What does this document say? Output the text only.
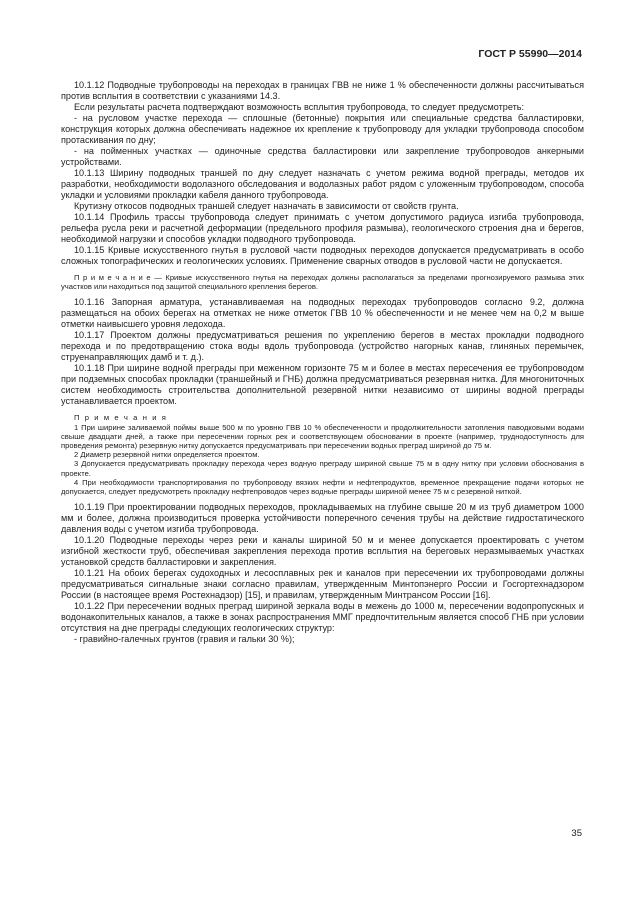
ГОСТ Р 55990—2014

10.1.12 Подводные трубопроводы на переходах в границах ГВВ не ниже 1 % обеспеченности должны рассчитываться против всплытия в соответствии с указаниями 14.3.

Если результаты расчета подтверждают возможность всплытия трубопровода, то следует предусмотреть:

- на русловом участке перехода — сплошные (бетонные) покрытия или специальные средства балластировки, конструкция которых должна обеспечивать надежное их крепление к трубопроводу для укладки трубопровода способом протаскивания по дну;

- на пойменных участках — одиночные средства балластировки или закрепление трубопроводов анкерными устройствами.

10.1.13 Ширину подводных траншей по дну следует назначать с учетом режима водной преграды, методов их разработки, необходимости водолазного обследования и водолазных работ рядом с уложенным трубопроводом, способа укладки и условиями прокладки кабеля данного трубопровода.

Крутизну откосов подводных траншей следует назначать в зависимости от свойств грунта.

10.1.14 Профиль трассы трубопровода следует принимать с учетом допустимого радиуса изгиба трубопровода, рельефа русла реки и расчетной деформации (предельного профиля размыва), геологического строения дна и берегов, необходимой нагрузки и способов укладки подводного трубопровода.

10.1.15 Кривые искусственного гнутья в русловой части подводных переходов допускается предусматривать в особо сложных топографических и геологических условиях. Применение сварных отводов в русловой части не допускается.

П р и м е ч а н и е — Кривые искусственного гнутья на переходах должны располагаться за пределами прогнозируемого размыва этих участков или находиться под защитой специального крепления берегов.

10.1.16 Запорная арматура, устанавливаемая на подводных переходах трубопроводов согласно 9.2, должна размещаться на обоих берегах на отметках не ниже отметок ГВВ 10 % обеспеченности и не менее чем на 0,2 м выше отметки наивысшего уровня ледохода.

10.1.17 Проектом должны предусматриваться решения по укреплению берегов в местах прокладки подводного перехода и по предотвращению стока воды вдоль трубопровода (устройство нагорных канав, глиняных перемычек, струенаправляющих дамб и т. д.).

10.1.18 При ширине водной преграды при меженном горизонте 75 м и более в местах пересечения ее трубопроводом при подземных способах прокладки (траншейный и ГНБ) должна предусматриваться резервная нитка. Для многониточных систем необходимость строительства дополнительной резервной нитки независимо от ширины водной преграды устанавливается проектом.

П р и м е ч а н и я

1 При ширине заливаемой поймы выше 500 м по уровню ГВВ 10 % обеспеченности и продолжительности затопления паводковыми водами свыше двадцати дней, а также при пересечении горных рек и соответствующем обосновании в проекте (например, труднодоступность для проведения ремонта) резервную нитку допускается предусматривать при пересечении водных преград шириной до 75 м.

2 Диаметр резервной нитки определяется проектом.

3 Допускается предусматривать прокладку перехода через водную преграду шириной свыше 75 м в одну нитку при условии обоснования в проекте.

4 При необходимости транспортирования по трубопроводу вязких нефти и нефтепродуктов, временное прекращение подачи которых не допускается, следует предусмотреть прокладку нефтепроводов через водные преграды шириной менее 75 м с резервной ниткой.

10.1.19 При проектировании подводных переходов, прокладываемых на глубине свыше 20 м из труб диаметром 1000 мм и более, должна производиться проверка устойчивости поперечного сечения трубы на действие гидростатического давления воды с учетом изгиба трубопровода.

10.1.20 Подводные переходы через реки и каналы шириной 50 м и менее допускается проектировать с учетом изгибной жесткости труб, обеспечивая закрепления перехода против всплытия на береговых неразмываемых участках установкой средств балластировки и закрепления.

10.1.21 На обоих берегах судоходных и лесосплавных рек и каналов при пересечении их трубопроводами должны предусматриваться сигнальные знаки согласно правилам, утвержденным Минтопэнерго России и Госгортехнадзором России (в настоящее время Ростехнадзор) [15], и правилам, утвержденным Минтрансом России [16].

10.1.22 При пересечении водных преград шириной зеркала воды в межень до 1000 м, пересечении водопропускных и водонакопительных каналов, а также в зонах распространения ММГ предпочтительным является способ ГНБ при условии отсутствия на дне преграды следующих геологических структур:

- гравийно-галечных грунтов (гравия и гальки 30 %);

35
